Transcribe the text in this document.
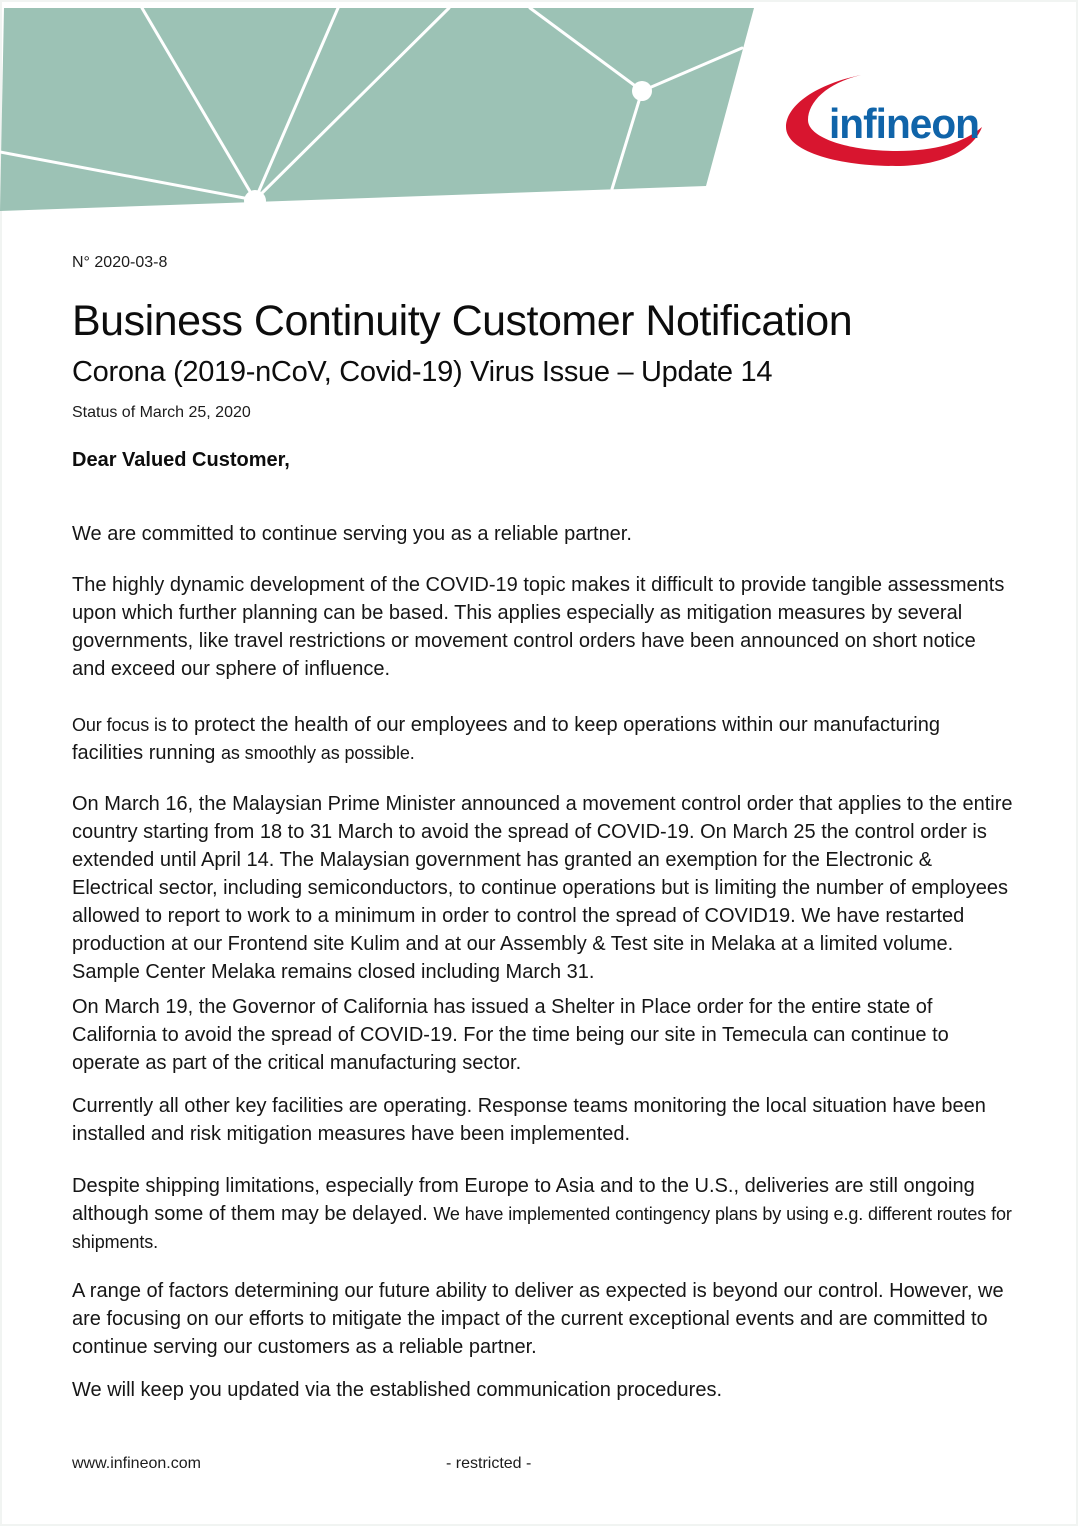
infineon
N° 2020-03-8
Business Continuity Customer Notification
Corona (2019-nCoV, Covid-19) Virus Issue – Update 14
Status of March 25, 2020
Dear Valued Customer,

We are committed to continue serving you as a reliable partner.

The highly dynamic development of the COVID-19 topic makes it difficult to provide tangible assessments upon which further planning can be based. This applies especially as mitigation measures by several governments, like travel restrictions or movement control orders have been announced on short notice and exceed our sphere of influence.

Our focus is to protect the health of our employees and to keep operations within our manufacturing facilities running as smoothly as possible.

On March 16, the Malaysian Prime Minister announced a movement control order that applies to the entire country starting from 18 to 31 March to avoid the spread of COVID-19. On March 25 the control order is extended until April 14. The Malaysian government has granted an exemption for the Electronic & Electrical sector, including semiconductors, to continue operations but is limiting the number of employees allowed to report to work to a minimum in order to control the spread of COVID19. We have restarted production at our Frontend site Kulim and at our Assembly & Test site in Melaka at a limited volume. Sample Center Melaka remains closed including March 31.

On March 19, the Governor of California has issued a Shelter in Place order for the entire state of California to avoid the spread of COVID-19. For the time being our site in Temecula can continue to operate as part of the critical manufacturing sector.

Currently all other key facilities are operating. Response teams monitoring the local situation have been installed and risk mitigation measures have been implemented.

Despite shipping limitations, especially from Europe to Asia and to the U.S., deliveries are still ongoing although some of them may be delayed. We have implemented contingency plans by using e.g. different routes for shipments.

A range of factors determining our future ability to deliver as expected is beyond our control. However, we are focusing on our efforts to mitigate the impact of the current exceptional events and are committed to continue serving our customers as a reliable partner.

We will keep you updated via the established communication procedures.

www.infineon.com	- restricted -
